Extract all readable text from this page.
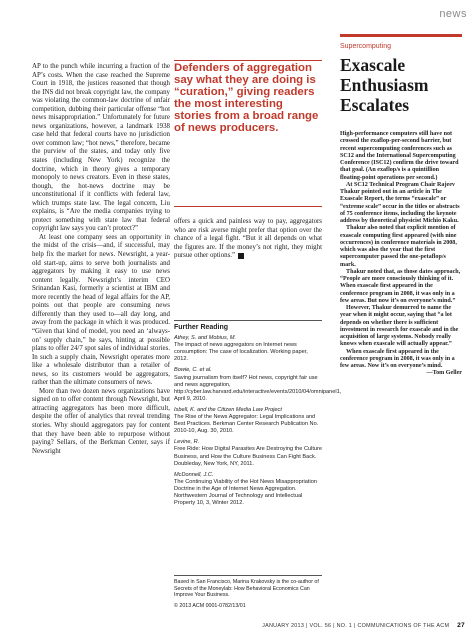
news

AP to the punch while incurring a fraction of the AP’s costs. When the case reached the Supreme Court in 1918, the justices reasoned that though the INS did not break copyright law, the company was violating the common-law doctrine of unfair competition, dubbing their particular offense “hot news misappropriation.” Unfortunately for future news organizations, however, a landmark 1938 case held that federal courts have no jurisdiction over common law; “hot news,” therefore, became the purview of the states, and today only five states (including New York) recognize the doctrine, which in theory gives a temporary monopoly to news creators. Even in these states, though, the hot-news doctrine may be unconstitutional if it conflicts with federal law, which trumps state law. The legal concern, Liu explains, is “Are the media companies trying to protect something with state law that federal copyright law says you can’t protect?”

At least one company sees an opportunity in the midst of the crisis—and, if successful, may help fix the market for news. Newsright, a year-old start-up, aims to serve both journalists and aggregators by making it easy to use news content legally. Newsright’s interim CEO Srinandan Kasi, formerly a scientist at IBM and more recently the head of legal affairs for the AP, points out that people are consuming news differently than they used to—all day long, and away from the package in which it was produced. “Given that kind of model, you need an ‘always-on’ supply chain,” he says, hinting at possible plans to offer 24/7 spot sales of individual stories. In such a supply chain, Newsright operates more like a wholesale distributor than a retailer of news, so its customers would be aggregators, rather than the ultimate consumers of news.

More than two dozen news organizations have signed on to offer content through Newsright, but attracting aggregators has been more difficult, despite the offer of analytics that reveal trending stories. Why should aggregators pay for content that they have been able to repurpose without paying? Sellars, of the Berkman Center, says if Newsright

Defenders of aggregation say what they are doing is “curation,” giving readers the most interesting stories from a broad range of news producers.

offers a quick and painless way to pay, aggregators who are risk averse might prefer that option over the chance of a legal fight. “But it all depends on what the figures are. If the money’s not right, they might pursue other options.”

Further Reading
Athey, S. and Mobius, M.
The impact of news aggregators on Internet news consumption: The case of localization. Working paper, 2012.
Bowie, C. et al.
Saving journalism from itself? Hot news, copyright fair use and news aggregation, http://cyber.law.harvard.edu/interactive/events/2010/04/omnipanel1, April 9, 2010.
Isbell, K. and the Citizen Media Law Project
The Rise of the News Aggregator: Legal Implications and Best Practices. Berkman Center Research Publication No. 2010-10, Aug. 30, 2010.
Levine, R.
Free Ride: How Digital Parasites Are Destroying the Culture Business, and How the Culture Business Can Fight Back. Doubleday, New York, NY, 2011.
McDonnell, J.C.
The Continuing Viability of the Hot News Misappropriation Doctrine in the Age of Internet News Aggregation. Northwestern Journal of Technology and Intellectual Property 10, 3, Winter 2012.
Based in San Francisco, Marina Krakovsky is the co-author of Secrets of the Moneylab: How Behavioral Economics Can Improve Your Business.
© 2013 ACM 0001-0782/13/01
Supercomputing
Exascale Enthusiasm Escalates

High-performance computers still have not crossed the exaflop-per-second barrier, but recent supercomputing conferences such as SC12 and the International Supercomputing Conference (ISC12) confirm the drive toward that goal. (An exaflop/s is a quintillion floating-point operations per second.)

At SC12 Technical Program Chair Rajeev Thakur pointed out in an article in The Exascale Report, the terms “exascale” or “extreme scale” occur in the titles or abstracts of 75 conference items, including the keynote address by theoretical physicist Michio Kaku.

Thakur also noted that explicit mention of exascale computing first appeared (with nine occurrences) in conference materials in 2008, which was also the year that the first supercomputer passed the one-petaflop/s mark.

Thakur noted that, as those dates approach, “People are more consciously thinking of it. When exascale first appeared in the conference program in 2008, it was only in a few areas. But now it’s on everyone’s mind.”

However, Thakur demurred to name the year when it might occur, saying that “a lot depends on whether there is sufficient investment in research for exascale and in the acquisition of large systems. Nobody really knows when exascale will actually appear.”

When exascale first appeared in the conference program in 2008, it was only in a few areas. Now it’s on everyone’s mind.

—Tom Geller

JANUARY 2013 | VOL. 56 | NO. 1 | COMMUNICATIONS OF THE ACM 27
